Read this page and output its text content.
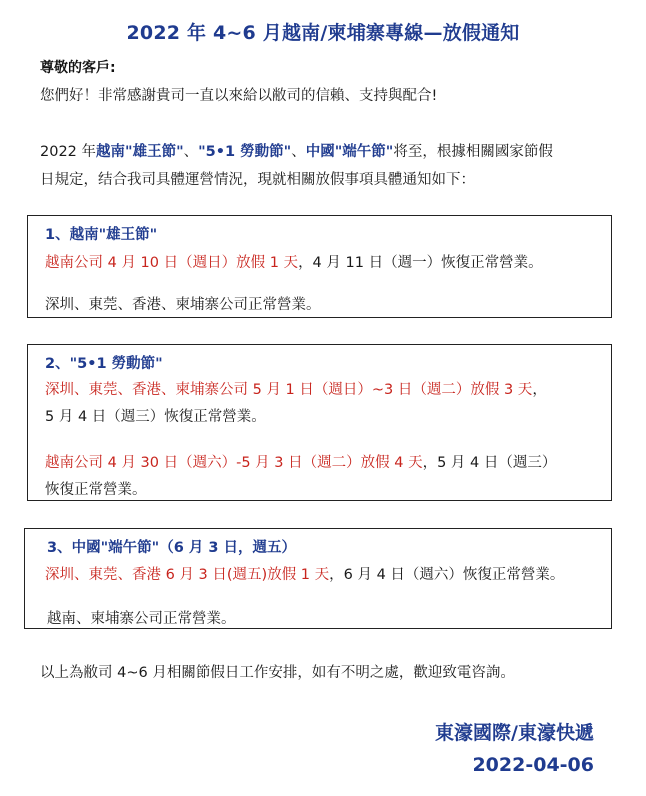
2022 年 4~6 月越南/柬埔寨專線—放假通知
尊敬的客戶:
您們好！非常感謝貴司一直以來給以敝司的信賴、支持與配合!
2022 年越南"雄王節"、"5•1 勞動節"、中國"端午節"将至，根據相關國家節假
日規定，结合我司具體運營情況，現就相關放假事項具體通知如下：
1、越南"雄王節"
越南公司 4 月 10 日（週日）放假 1 天，4 月 11 日（週一）恢復正常營業。
深圳、東莞、香港、柬埔寨公司正常營業。
2、"5•1 勞動節"
深圳、東莞、香港、柬埔寨公司 5 月 1 日（週日）~3 日（週二）放假 3 天，
5 月 4 日（週三）恢復正常營業。
越南公司 4 月 30 日（週六）-5 月 3 日（週二）放假 4 天，5 月 4 日（週三）
恢復正常營業。
3、中國"端午節"（6 月 3 日，週五）
深圳、東莞、香港 6 月 3 日(週五)放假 1 天，6 月 4 日（週六）恢復正常營業。
越南、柬埔寨公司正常營業。
以上為敝司 4~6 月相關節假日工作安排，如有不明之處，歡迎致電咨詢。
東濠國際/東濠快遞
2022-04-06
